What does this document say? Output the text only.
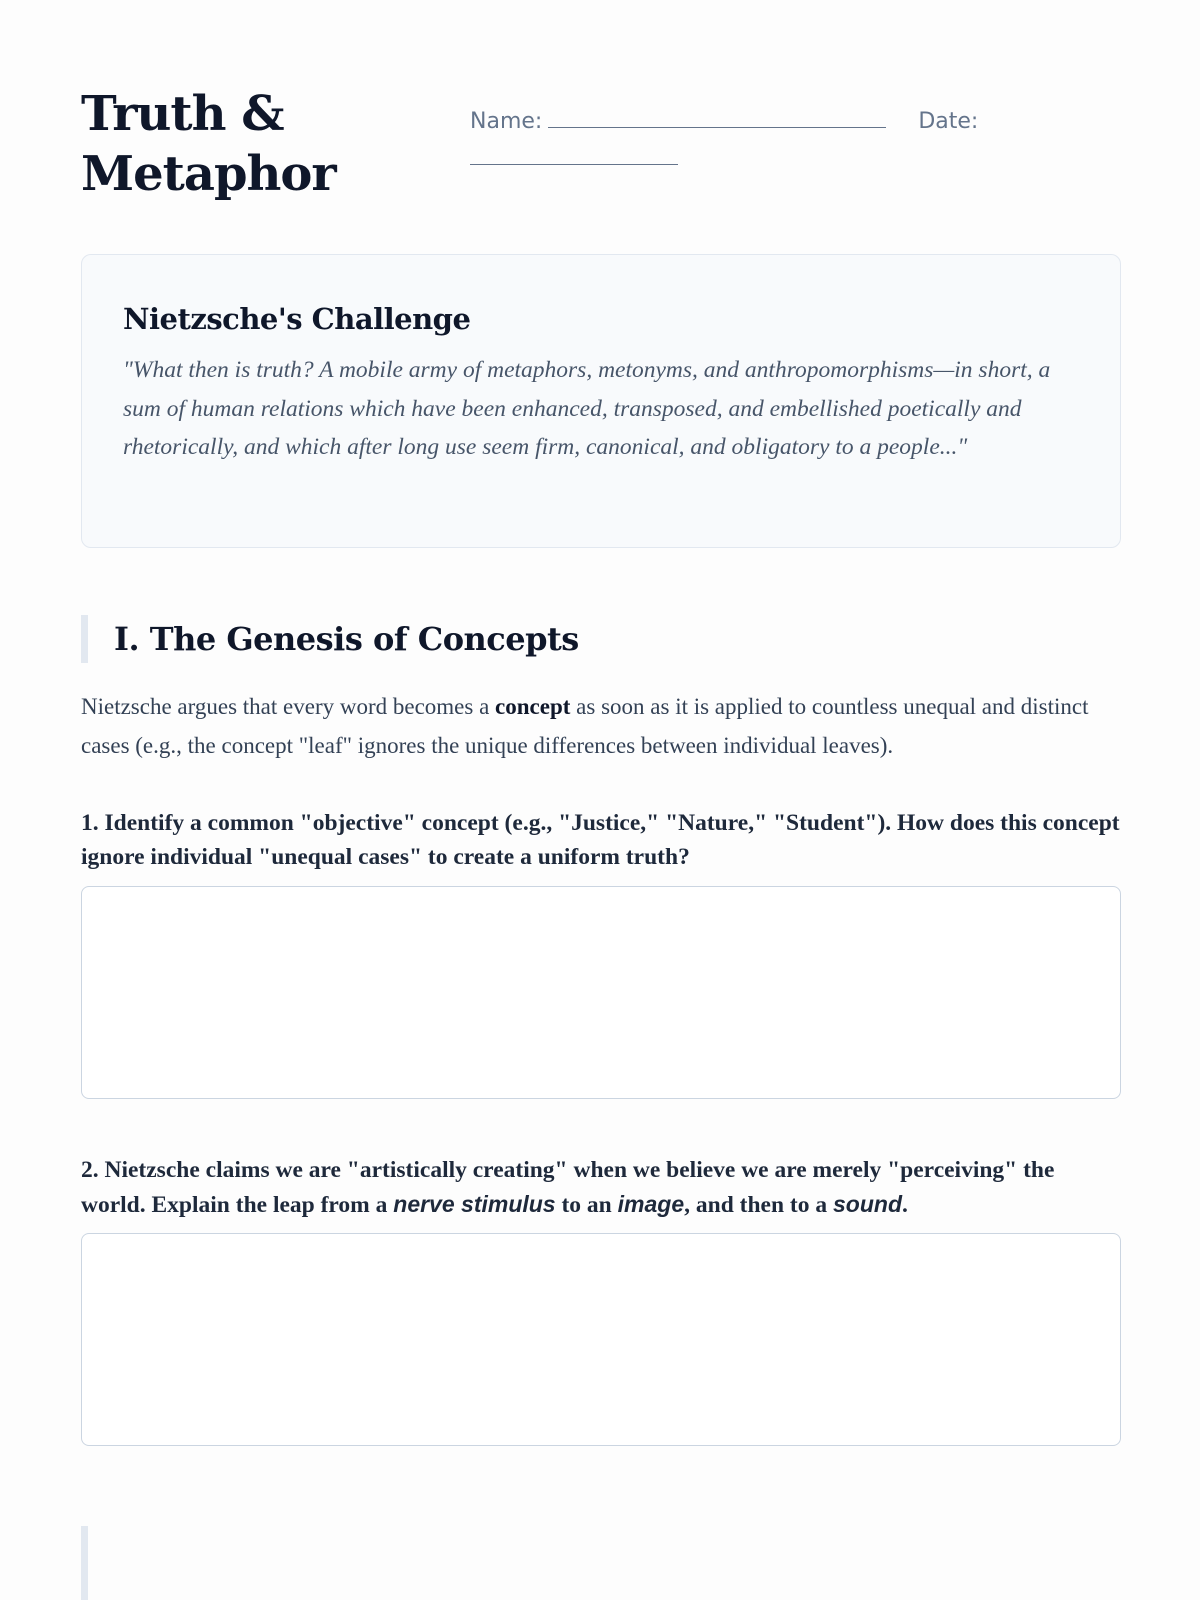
Truth &
Metaphor
Name:	Date:
Nietzsche's Challenge

"What then is truth? A mobile army of metaphors, metonyms, and anthropomorphisms—in short, a sum of human relations which have been enhanced, transposed, and embellished poetically and rhetorically, and which after long use seem firm, canonical, and obligatory to a people..."

I. The Genesis of Concepts

Nietzsche argues that every word becomes a concept as soon as it is applied to countless unequal and distinct cases (e.g., the concept "leaf" ignores the unique differences between individual leaves).

1. Identify a common "objective" concept (e.g., "Justice," "Nature," "Student"). How does this concept ignore individual "unequal cases" to create a uniform truth?

2. Nietzsche claims we are "artistically creating" when we believe we are merely "perceiving" the world. Explain the leap from a nerve stimulus to an image, and then to a sound.
